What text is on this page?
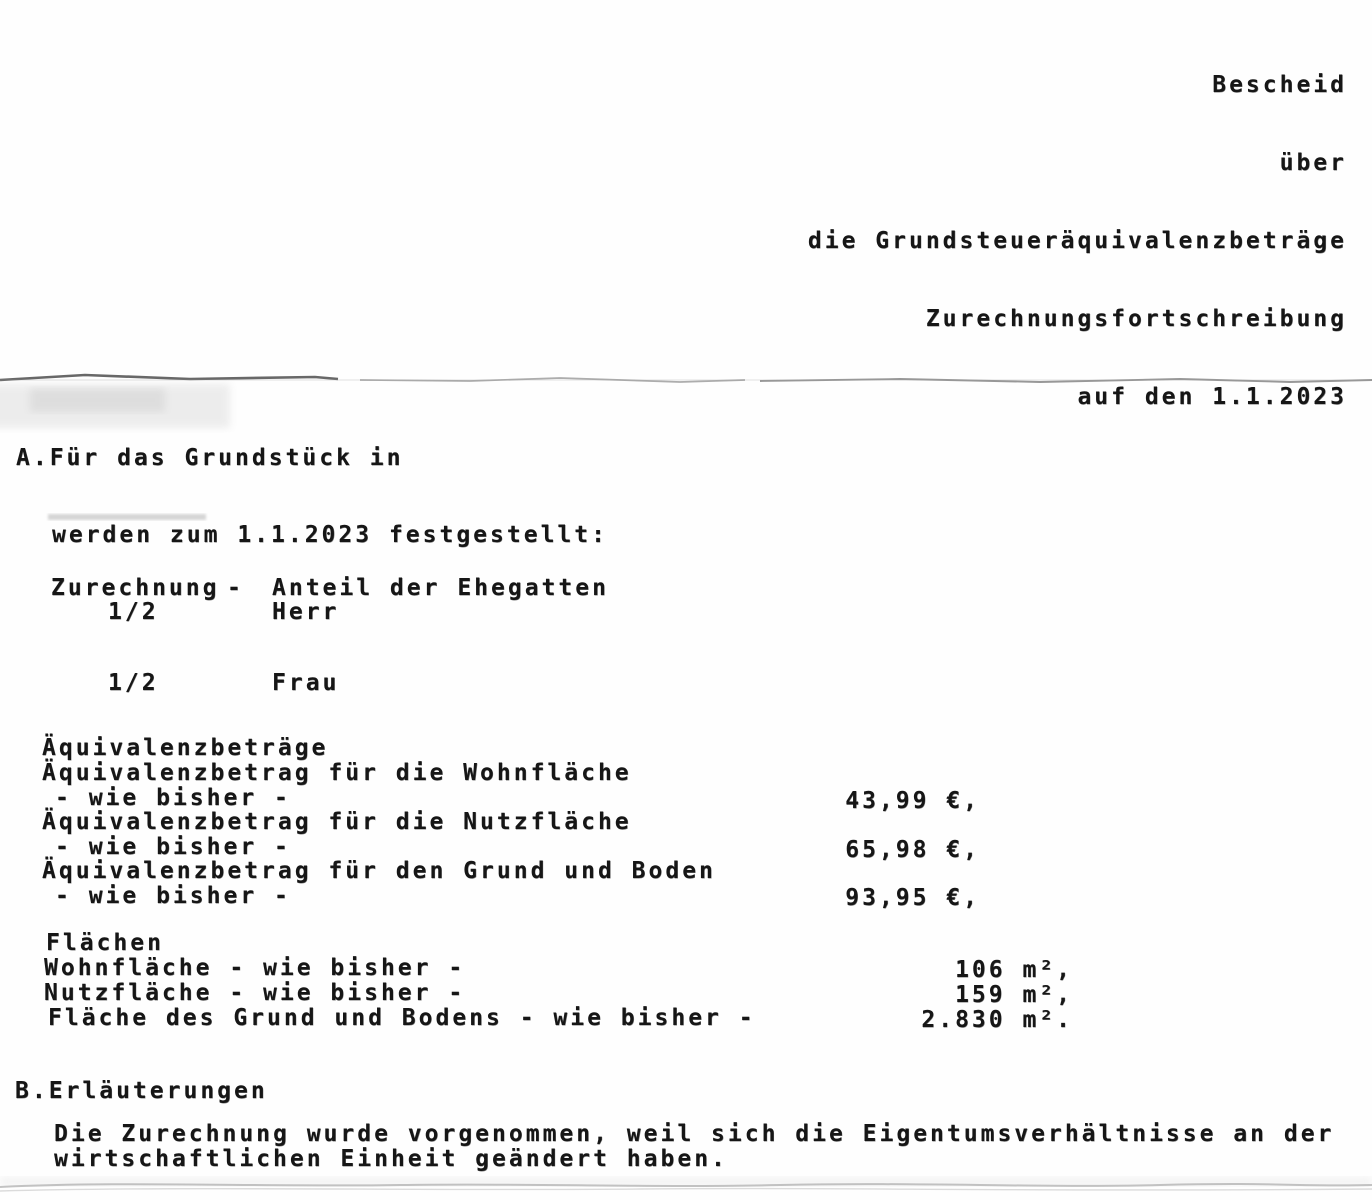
Bescheid

über

die Grundsteueräquivalenzbeträge

Zurechnungsfortschreibung

auf den 1.1.2023

A.Für das Grundstück in
werden zum 1.1.2023 festgestellt:
Zurechnung - Anteil der Ehegatten
1/2	Herr
1/2	Frau
Äquivalenzbeträge
Äquivalenzbetrag für die Wohnfläche
- wie bisher -	43,99 €,
Äquivalenzbetrag für die Nutzfläche
- wie bisher -	65,98 €,
Äquivalenzbetrag für den Grund und Boden
- wie bisher -	93,95 €,
Flächen
Wohnfläche - wie bisher -	106 m²,
Nutzfläche - wie bisher -	159 m²,
Fläche des Grund und Bodens - wie bisher -	2.830 m².
B.Erläuterungen
Die Zurechnung wurde vorgenommen, weil sich die Eigentumsverhältnisse an der
wirtschaftlichen Einheit geändert haben.
